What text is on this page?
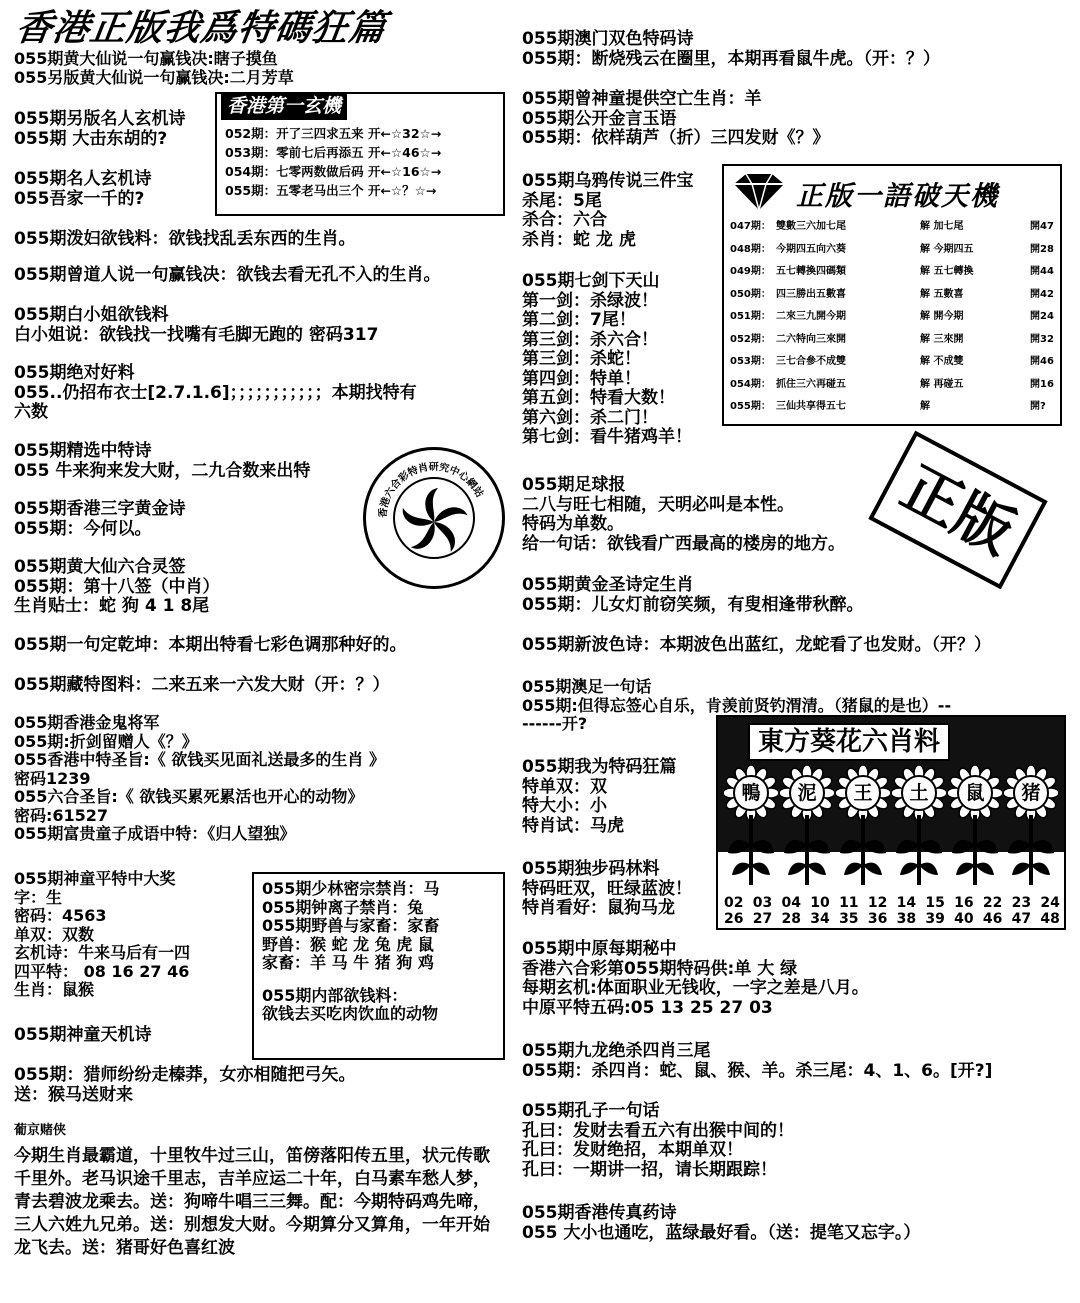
香港正版我爲特碼狂篇
055期黄大仙说一句赢钱决:瞎子摸鱼
055另版黄大仙说一句赢钱决:二月芳草
055期另版名人玄机诗
055期 大击东胡的?
055期名人玄机诗
055吾家一千的?
055期泼妇欲钱料：欲钱找乱丢东西的生肖。
055期曾道人说一句赢钱决：欲钱去看无孔不入的生肖。
055期白小姐欲钱料
白小姐说：欲钱找一找嘴有毛脚无跑的 密码317
055期绝对好料
055..仍招布衣士[2.7.1.6]；；；；；；；；；；；本期找特有
六数
055期精选中特诗
055 牛来狗来发大财，二九合数来出特
055期香港三字黄金诗
055期：今何以。
055期黄大仙六合灵签
055期：第十八签（中肖）
生肖贴士：蛇 狗 4 1 8尾
055期一句定乾坤：本期出特看七彩色调那种好的。
055期藏特图料：二来五来一六发大财（开：？）
055期香港金鬼将军
055期:折剑留赠人《？》
055香港中特圣旨:《 欲钱买见面礼送最多的生肖 》
密码1239
055六合圣旨:《 欲钱买累死累活也开心的动物》
密码:61527
055期富贵童子成语中特：《归人望独》
055期神童平特中大奖
字：生
密码：4563
单双：双数
玄机诗：牛来马后有一四
四平特： 08 16 27 46
生肖：鼠猴
055期神童天机诗
055期：猎师纷纷走榛莽，女亦相随把弓矢。
送：猴马送财来
葡京赌侠
今期生肖最霸道，十里牧牛过三山，笛傍落阳传五里，状元传歌千里外。老马识途千里志，吉羊应运二十年，白马素车愁人梦，青去碧波龙乘去。送：狗啼牛唱三三舞。配：今期特码鸡先啼，三人六姓九兄弟。送：别想发大财。今期算分又算角，一年开始龙飞去。送：猪哥好色喜红波
香港第一玄機
052期：开了三四求五来 开←☆32☆→
053期：零前七后再添五 开←☆46☆→
054期：七零两数做后码 开←☆16☆→
055期：五零老马出三个 开←☆？☆→
香港六合彩特肖研究中心網站
055期少林密宗禁肖：马
055期钟离子禁肖：兔
055期野兽与家畜：家畜
野兽：猴 蛇 龙 兔 虎 鼠
家畜：羊 马 牛 猪 狗 鸡
055期内部欲钱料：
欲钱去买吃肉饮血的动物
055期澳门双色特码诗
055期：断烧残云在圈里，本期再看鼠牛虎。（开：？）
055期曾神童提供空亡生肖：羊
055期公开金言玉语
055期：依样葫芦（折）三四发财《？》
055期乌鸦传说三件宝
杀尾：5尾
杀合：六合
杀肖：蛇 龙 虎
055期七剑下天山
第一剑：杀绿波！
第二剑：7尾！
第三剑：杀六合！
第三剑：杀蛇！
第四剑：特单！
第五剑：特看大数！
第六剑：杀二门！
第七剑：看牛猪鸡羊！
055期足球报
二八与旺七相随，天明必叫是本性。
特码为单数。
给一句话：欲钱看广西最高的楼房的地方。
055期黄金圣诗定生肖
055期：儿女灯前窃笑频，有叟相逢带秋醉。
055期新波色诗：本期波色出蓝红，龙蛇看了也发财。（开？）
055期澳足一句话
055期:但得忘签心自乐，肯羡前贤钓渭清。（猪鼠的是也）--
------开?
055期我为特码狂篇
特单双：双
特大小：小
特肖试：马虎
055期独步码林料
特码旺双，旺绿蓝波！
特肖看好：鼠狗马龙
055期中原每期秘中
香港六合彩第055期特码供:单 大 绿
每期玄机:体面职业无钱收，一字之差是八月。
中原平特五码:05 13 25 27 03
055期九龙绝杀四肖三尾
055期：杀四肖：蛇、鼠、猴、羊。杀三尾：4、1、6。[开?]
055期孔子一句话
孔曰：发财去看五六有出猴中间的！
孔曰：发财绝招，本期单双！
孔曰：一期讲一招，请长期跟踪！
055期香港传真药诗
055 大小也通吃，蓝绿最好看。（送：提笔又忘字。）
正版一語破天機
047期： 雙數三六加七尾	解 加七尾	開47
048期： 今期四五向六葵	解 今期四五	開28
049期： 五七轉換四碼類	解 五七轉換	開44
050期： 四三勝出五數喜	解 五數喜	開42
051期： 二來三九開今期	解 開今期	開24
052期： 二六特向三來開	解 三來開	開32
053期： 三七合參不成雙	解 不成雙	開46
054期： 抓住三六再碰五	解 再碰五	開16
055期： 三仙共享得五七	解	開?
正版
東方葵花六肖料
鴨	泥	王	土	鼠	猪
02 03 04 10 11 12 14 15 16 22 23 24
26 27 28 34 35 36 38 39 40 46 47 48
